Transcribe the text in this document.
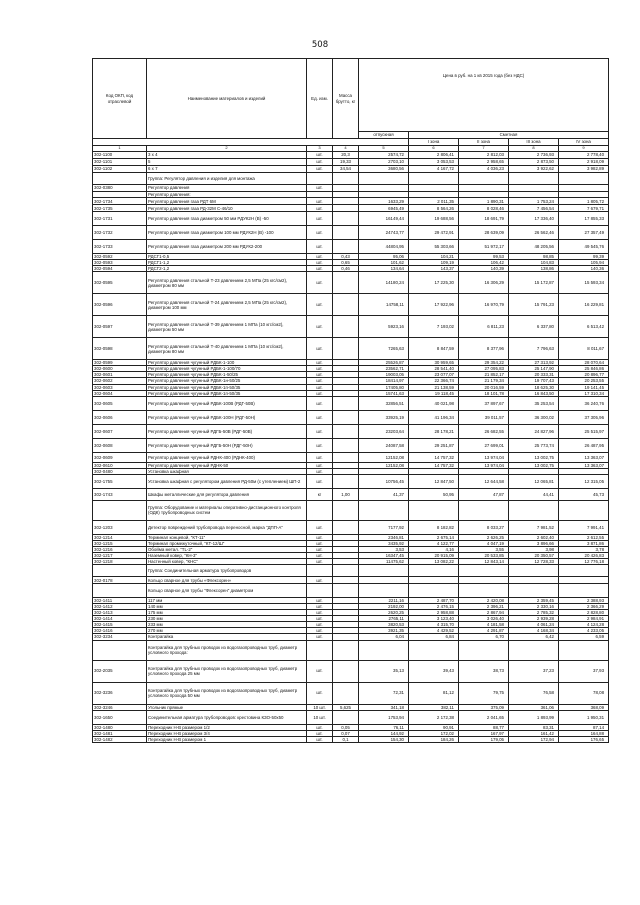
508
Код ОКП, код отраслевой	Наименование материалов и изделий	Ед. изм.	Масса брутто, кг	Цена в руб. на 1 кв 2015 года (без НДС)				
				отпускная	Сметная			
					I зона	II зона	III зона	IV зона
1	2	3	4	5	6	7	8	9
302-1100	3 x 4	шт.	20,3	2574,72	2 806,41	2 812,03	2 736,93	2 778,40
302-1101	5	шт.	19,33	2703,10	3 053,53	2 958,65	2 873,50	2 918,09
302-1102	6 x 7	шт.	34,54	3680,56	4 167,72	4 036,23	3 922,62	3 982,89
	Группа: Регулятор давления и изделия для монтажа							
302-0380	Регулятор давления	шт.						
	Регулятор давления:							
302-1734	Регулятор давления газа РДТ 6М	шт.		1633,29	2 011,35	1 890,31	1 753,24	1 805,72
302-1735	Регулятор давления газа РД-32М С-46/10	шт.		6945,49	8 564,26	8 028,46	7 456,54	7 679,71
302-1731	Регулятор давления газа диаметром 50 мм РДУК2Н (В) -50	шт.		16149,44	19 688,56	18 691,79	17 336,40	17 855,33
302-1732	Регулятор давления газа диаметром 100 мм РДУК2Н (В) -100	шт.		24743,77	29 472,91	28 639,09	26 562,46	27 357,49
302-1733	Регулятор давления газа диаметром 200 мм РДУК2-200	шт.		44804,95	55 303,66	51 972,17	48 205,56	49 545,76
302-0592	РДСГ1-0,5	шт.	0,43	95,06	104,21	99,53	98,85	99,39
302-0593	РДСГ1-1,2	шт.	0,65	101,62	109,19	106,42	104,83	105,94
302-0594	РДСГ2-1,2	шт.	0,46	134,64	143,37	140,39	138,86	140,36
302-0595	Регулятор давления стальной Т-23 давлением 2,5 МПа (25 кгс/см2), диаметром 80 мм	шт.		14180,24	17 225,30	16 306,29	15 172,87	15 593,34
302-0596	Регулятор давления стальной Т-24 давлением 2,5 МПа (25 кгс/см2), диаметром 100 мм	шт.		14758,11	17 922,96	16 970,79	15 791,23	16 229,81
302-0597	Регулятор давления стальной Т-39 давлением 1 МПа (10 кгс/см2), диаметром 50 мм	шт.		5923,16	7 193,02	6 811,23	6 337,80	6 513,42
302-0598	Регулятор давления стальной Т-40 давлением 1 МПа (10 кгс/см2), диаметром 80 мм	шт.		7265,63	8 847,59	8 377,96	7 796,63	8 011,67
302-0599	Регулятор давления чугунный РДБК-1-100	шт.		25526,87	30 959,65	29 354,22	27 313,92	28 070,64
302-0600	Регулятор давления чугунный РДБК-1-100/70	шт.		23562,71	28 541,40	27 095,83	25 147,90	25 846,86
302-0601	Регулятор давления чугунный РДБК-1-50/25	шт.		19003,05	23 077,07	21 852,17	20 333,31	20 896,77
302-0602	Регулятор давления чугунный РДБК-1н-50/25	шт.		18414,97	22 366,74	21 179,34	19 707,43	20 253,55
302-0603	Регулятор давления чугунный РДБК-1п-50/35	шт.		17405,80	21 138,59	20 016,59	18 625,30	19 141,45
302-0604	Регулятор давления чугунный РДБК-1п-50/35	шт.		15741,63	19 118,45	18 101,78	16 843,50	17 310,34
302-0605	Регулятор давления чугунный РДБК-100В (РДГ-50В)	шт.		32856,51	40 021,98	37 897,67	35 253,54	36 240,76
302-0606	Регулятор давления чугунный РДБК-100Н (РДГ-50Н)	шт.		33925,19	41 196,34	39 011,57	36 300,02	37 305,96
302-0607	Регулятор давления чугунный РДГБ-50В (РДГ-50В)	шт.		23203,64	28 178,21	26 682,55	24 827,96	25 515,97
302-0608	Регулятор давления чугунный РДГБ-50Н (РДГ-50Н)	шт.		24087,58	29 251,87	27 699,01	25 773,74	26 487,95
302-0609	Регулятор давления чугунный РДНК-400 (РДНК-400)	шт.		12152,08	14 757,32	13 974,04	13 002,75	13 363,07
302-0610	Регулятор давления чугунный РДНК-50	шт.		12152,08	14 757,32	13 974,04	13 002,75	13 363,07
302-0480	Установка шкафная	шт.						
302-1755	Установка шкафная с регулятором давления РД-50м (с утеплением) ШП-2	шт.		10756,45	12 847,50	12 644,58	12 065,81	12 315,05
302-1743	Шкафы металлические для регулятора давления	кг	1,00	41,37	50,95	47,87	44,41	45,73
	Группа: Оборудование и материалы оперативно-дистанционного контроля (ОДК) трубопроводных систем							
302-1203	Детектор повреждений трубопровода переносной, марка "ДПП-А"	шт.		7177,92	8 182,82	8 033,27	7 981,52	7 991,41
302-1214	Терминал концевой, "КТ-11"	шт.		2346,81	2 675,14	2 626,25	2 602,40	2 612,55
302-1215	Терминал промежуточный, "КТ-12/Ш"	шт.		3435,92	4 122,77	4 047,19	3 896,66	3 871,86
302-1216	Обойма метал. "ТL-2"	шт.		3,53	4,16	3,55	3,98	3,78
302-1217	Наземный ковер, "КН-3"	шт.		16347,45	20 915,09	20 533,85	20 350,57	20 426,83
302-1218	Настенный ковер, "КНС"	шт.		11475,62	13 082,22	12 843,14	12 728,33	12 776,18
	Группа: Соединительная арматура трубопроводов							
302-0178	Кольцо сварное для трубы «Флексорен»	шт.						
	Кольцо сварное для трубы "Флексорен" диаметром							
302-1411	117 мм	шт.		2211,16	2 487,70	2 420,08	2 359,45	2 388,93
302-1412	140 мм	шт.		2192,00	2 476,15	2 396,21	2 330,16	2 366,29
302-1413	175 мм	шт.		2620,25	2 958,88	2 867,94	2 785,32	2 828,80
302-1414	230 мм	шт.		2765,11	3 123,40	3 026,40	2 939,28	2 984,91
302-1415	233 мм	шт.		3820,53	4 315,70	4 181,58	4 061,24	4 124,28
302-1416	270 мм	шт.		3921,35	4 429,52	4 291,87	4 168,34	4 233,05
302-3234	Контрагайка	шт.		6,04	6,84	6,70	6,42	6,59
	Контрагайка для трубных проводок из водогазопроводных труб, диаметр условного прохода:							
302-2035	Контрагайка для трубных проводок из водогазопроводных труб, диаметр условного прохода 25 мм	шт.		35,13	39,43	38,73	37,23	37,93
302-3236	Контрагайка для трубных проводок из водогазопроводных труб, диаметр условного прохода 50 мм	шт.		72,31	81,12	79,75	76,58	78,08
302-3246	Угольник прямые	10 шт.	5,625	341,18	382,11	375,09	361,06	368,09
302-1650	Соединительная арматура трубопроводов: крестовина КЗО-50х50	10 шт.		1753,94	2 172,38	2 041,65	1 893,99	1 950,31
302-1480	Переходник Н-В размером 1/2	шт.	0,05	76,11	90,91	88,77	83,31	87,14
302-1481	Переходник Н-В размером 3/4	шт.	0,07	144,92	172,02	167,97	161,42	164,88
302-1482	Переходник Н-В размером 1	шт.	0,1	154,30	184,26	179,05	172,94	176,65
